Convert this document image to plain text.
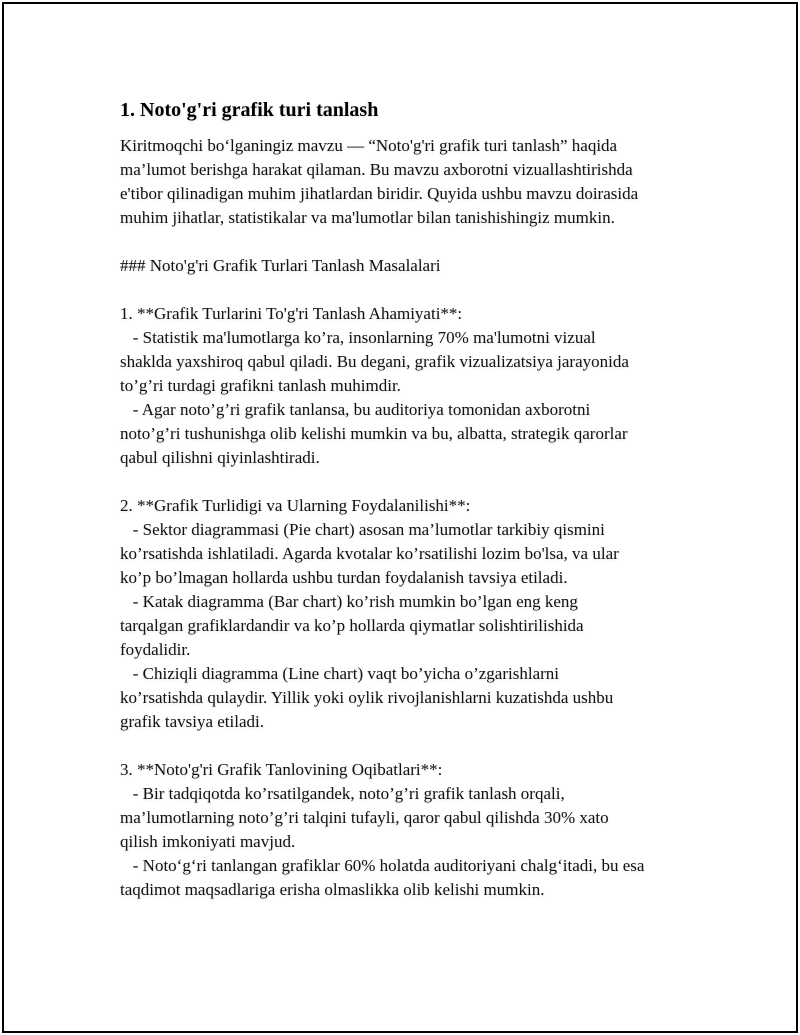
1. Noto'g'ri grafik turi tanlash

Kiritmoqchi bo‘lganingiz mavzu — “Noto'g'ri grafik turi tanlash” haqida
ma’lumot berishga harakat qilaman. Bu mavzu axborotni vizuallashtirishda
e'tibor qilinadigan muhim jihatlardan biridir. Quyida ushbu mavzu doirasida
muhim jihatlar, statistikalar va ma'lumotlar bilan tanishishingiz mumkin.

### Noto'g'ri Grafik Turlari Tanlash Masalalari

1. **Grafik Turlarini To'g'ri Tanlash Ahamiyati**:
- Statistik ma'lumotlarga ko’ra, insonlarning 70% ma'lumotni vizual
shaklda yaxshiroq qabul qiladi. Bu degani, grafik vizualizatsiya jarayonida
to’g’ri turdagi grafikni tanlash muhimdir.
- Agar noto’g’ri grafik tanlansa, bu auditoriya tomonidan axborotni
noto’g’ri tushunishga olib kelishi mumkin va bu, albatta, strategik qarorlar
qabul qilishni qiyinlashtiradi.

2. **Grafik Turlidigi va Ularning Foydalanilishi**:
- Sektor diagrammasi (Pie chart) asosan ma’lumotlar tarkibiy qismini
ko’rsatishda ishlatiladi. Agarda kvotalar ko’rsatilishi lozim bo'lsa, va ular
ko’p bo’lmagan hollarda ushbu turdan foydalanish tavsiya etiladi.
- Katak diagramma (Bar chart) ko’rish mumkin bo’lgan eng keng
tarqalgan grafiklardandir va ko’p hollarda qiymatlar solishtirilishida
foydalidir.
- Chiziqli diagramma (Line chart) vaqt bo’yicha o’zgarishlarni
ko’rsatishda qulaydir. Yillik yoki oylik rivojlanishlarni kuzatishda ushbu
grafik tavsiya etiladi.

3. **Noto'g'ri Grafik Tanlovining Oqibatlari**:
- Bir tadqiqotda ko’rsatilgandek, noto’g’ri grafik tanlash orqali,
ma’lumotlarning noto’g’ri talqini tufayli, qaror qabul qilishda 30% xato
qilish imkoniyati mavjud.
- Noto‘g‘ri tanlangan grafiklar 60% holatda auditoriyani chalg‘itadi, bu esa
taqdimot maqsadlariga erisha olmaslikka olib kelishi mumkin.
